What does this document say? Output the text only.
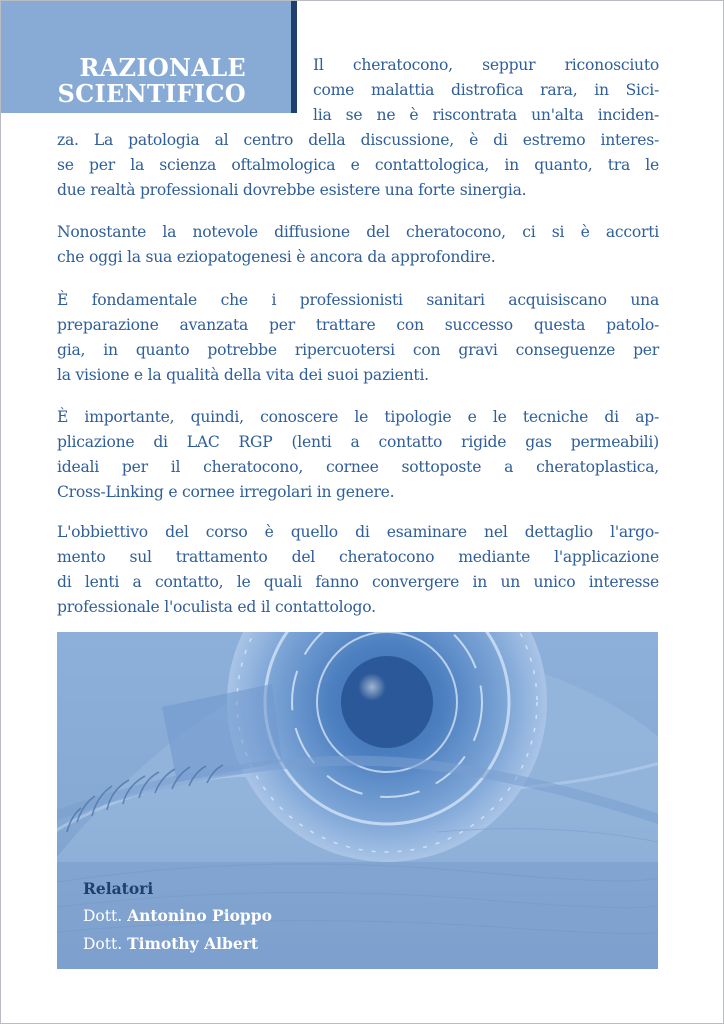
RAZIONALE
SCIENTIFICO
Il cheratocono, seppur riconosciuto
come malattia distrofica rara, in Sici-
lia se ne è riscontrata un'alta inciden-
za. La patologia al centro della discussione, è di estremo interes-
se per la scienza oftalmologica e contattologica, in quanto, tra le
due realtà professionali dovrebbe esistere una forte sinergia.
Nonostante la notevole diffusione del cheratocono, ci si è accorti
che oggi la sua eziopatogenesi è ancora da approfondire.
È fondamentale che i professionisti sanitari acquisiscano una
preparazione avanzata per trattare con successo questa patolo-
gia, in quanto potrebbe ripercuotersi con gravi conseguenze per
la visione e la qualità della vita dei suoi pazienti.
È importante, quindi, conoscere le tipologie e le tecniche di ap-
plicazione di LAC RGP (lenti a contatto rigide gas permeabili)
ideali per il cheratocono, cornee sottoposte a cheratoplastica,
Cross-Linking e cornee irregolari in genere.
L'obbiettivo del corso è quello di esaminare nel dettaglio l'argo-
mento sul trattamento del cheratocono mediante l'applicazione
di lenti a contatto, le quali fanno convergere in un unico interesse
professionale l'oculista ed il contattologo.
Relatori
Dott. Antonino Pioppo
Dott. Timothy Albert
